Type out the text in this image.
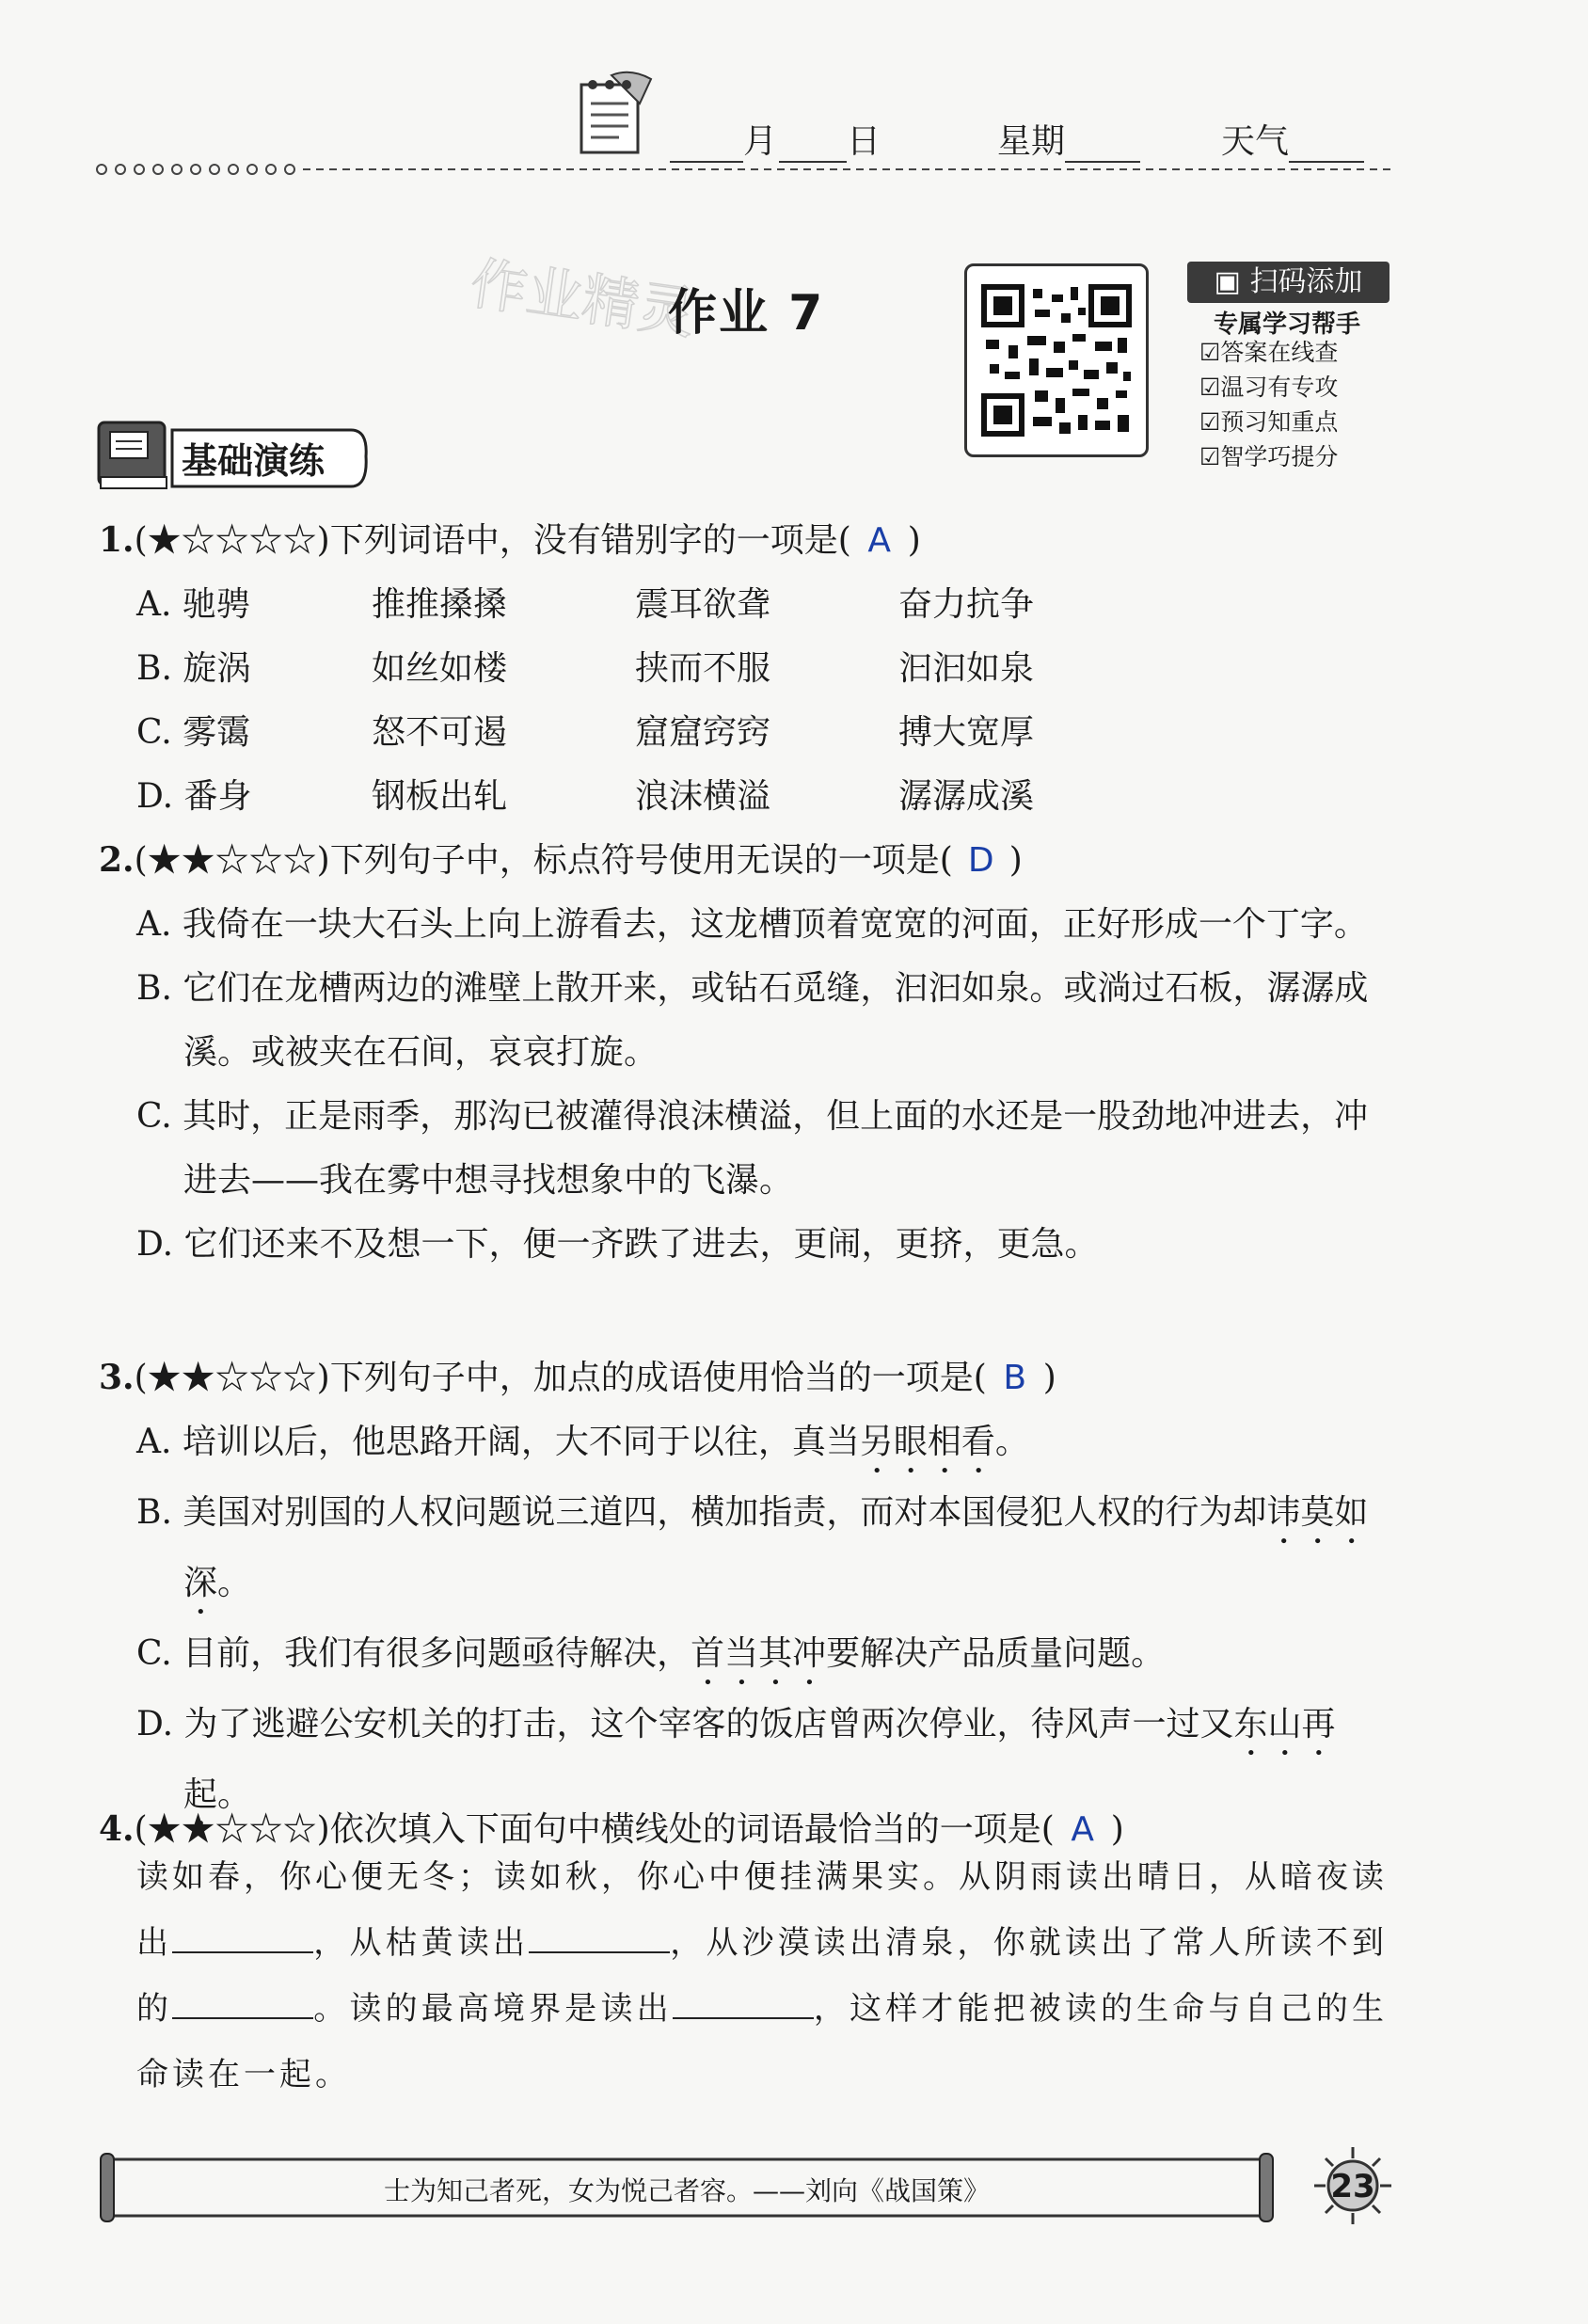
月	日	星期	天气
作业精灵
作业 7
▣ 扫码添加
专属学习帮手
☑答案在线查
☑温习有专攻
☑预习知重点
☑智学巧提分
基础演练
1.(★☆☆☆☆)下列词语中，没有错别字的一项是( A )
A. 驰骋	推推搡搡	震耳欲聋	奋力抗争
B. 旋涡	如丝如楼	挟而不服	汩汩如泉
C. 雾霭	怒不可遏	窟窟窍窍	搏大宽厚
D. 番身	钢板出轧	浪沫横溢	潺潺成溪
2.(★★☆☆☆)下列句子中，标点符号使用无误的一项是( D )
A. 我倚在一块大石头上向上游看去，这龙槽顶着宽宽的河面，正好形成一个丁字。
B. 它们在龙槽两边的滩壁上散开来，或钻石觅缝，汩汩如泉。或淌过石板，潺潺成溪。或被夹在石间，哀哀打旋。
C. 其时，正是雨季，那沟已被灌得浪沫横溢，但上面的水还是一股劲地冲进去，冲进去——我在雾中想寻找想象中的飞瀑。
D. 它们还来不及想一下，便一齐跌了进去，更闹，更挤，更急。
3.(★★☆☆☆)下列句子中，加点的成语使用恰当的一项是( B )
A. 培训以后，他思路开阔，大不同于以往，真当另眼相看。
B. 美国对别国的人权问题说三道四，横加指责，而对本国侵犯人权的行为却讳莫如深。
C. 目前，我们有很多问题亟待解决，首当其冲要解决产品质量问题。
D. 为了逃避公安机关的打击，这个宰客的饭店曾两次停业，待风声一过又东山再起。
4.(★★☆☆☆)依次填入下面句中横线处的词语最恰当的一项是( A )
读如春，你心便无冬；读如秋，你心中便挂满果实。从阴雨读出晴日，从暗夜读出	，从枯黄读出	，从沙漠读出清泉，你就读出了常人所读不到的	。读的最高境界是读出	，这样才能把被读的生命与自己的生命读在一起。
士为知己者死，女为悦己者容。——刘向《战国策》	23
